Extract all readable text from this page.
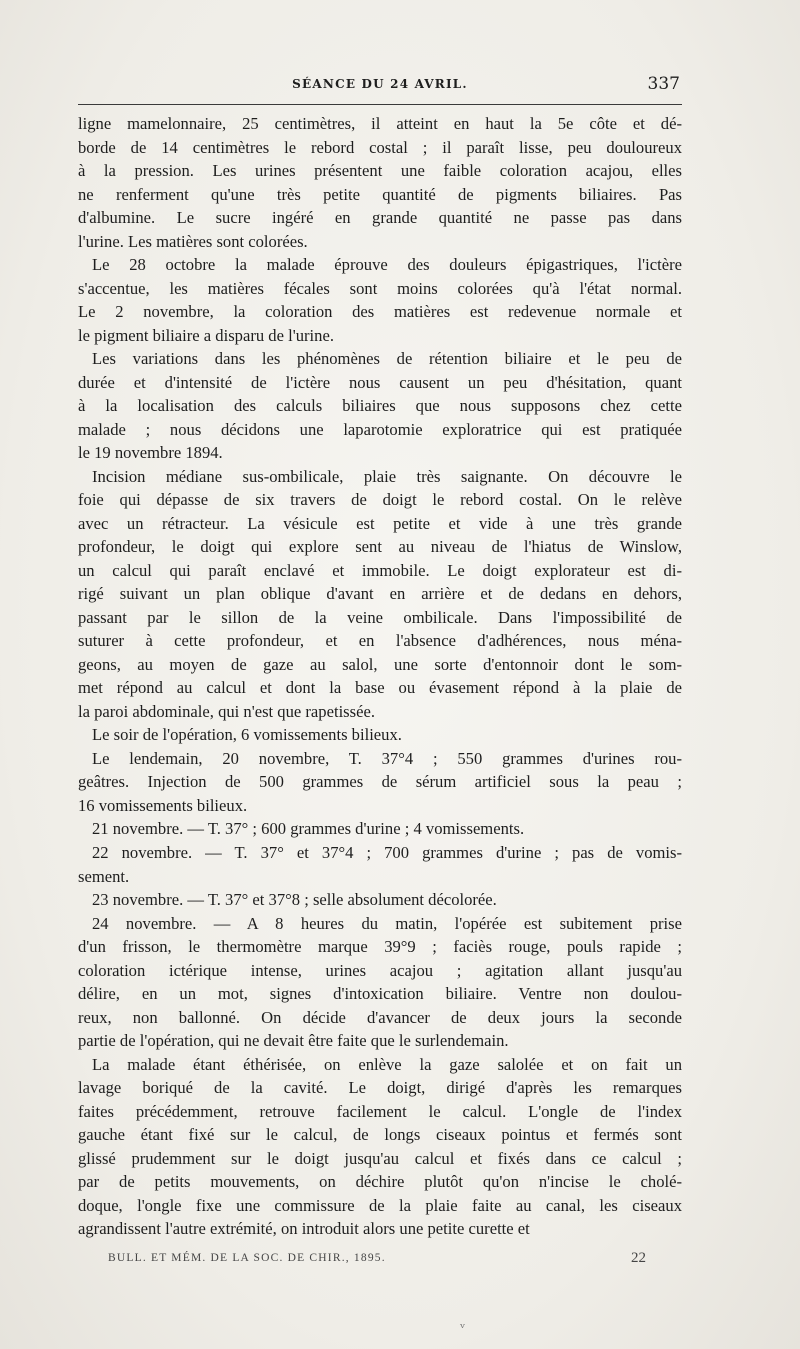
SÉANCE DU 24 AVRIL.	337
ligne mamelonnaire, 25 centimètres, il atteint en haut la 5e côte et dé-
borde de 14 centimètres le rebord costal ; il paraît lisse, peu douloureux
à la pression. Les urines présentent une faible coloration acajou, elles
ne renferment qu'une très petite quantité de pigments biliaires. Pas
d'albumine. Le sucre ingéré en grande quantité ne passe pas dans
l'urine. Les matières sont colorées.
Le 28 octobre la malade éprouve des douleurs épigastriques, l'ictère
s'accentue, les matières fécales sont moins colorées qu'à l'état normal.
Le 2 novembre, la coloration des matières est redevenue normale et
le pigment biliaire a disparu de l'urine.
Les variations dans les phénomènes de rétention biliaire et le peu de
durée et d'intensité de l'ictère nous causent un peu d'hésitation, quant
à la localisation des calculs biliaires que nous supposons chez cette
malade ; nous décidons une laparotomie exploratrice qui est pratiquée
le 19 novembre 1894.
Incision médiane sus-ombilicale, plaie très saignante. On découvre le
foie qui dépasse de six travers de doigt le rebord costal. On le relève
avec un rétracteur. La vésicule est petite et vide à une très grande
profondeur, le doigt qui explore sent au niveau de l'hiatus de Winslow,
un calcul qui paraît enclavé et immobile. Le doigt explorateur est di-
rigé suivant un plan oblique d'avant en arrière et de dedans en dehors,
passant par le sillon de la veine ombilicale. Dans l'impossibilité de
suturer à cette profondeur, et en l'absence d'adhérences, nous ména-
geons, au moyen de gaze au salol, une sorte d'entonnoir dont le som-
met répond au calcul et dont la base ou évasement répond à la plaie de
la paroi abdominale, qui n'est que rapetissée.
Le soir de l'opération, 6 vomissements bilieux.
Le lendemain, 20 novembre, T. 37°4 ; 550 grammes d'urines rou-
geâtres. Injection de 500 grammes de sérum artificiel sous la peau ;
16 vomissements bilieux.
21 novembre. — T. 37° ; 600 grammes d'urine ; 4 vomissements.
22 novembre. — T. 37° et 37°4 ; 700 grammes d'urine ; pas de vomis-
sement.
23 novembre. — T. 37° et 37°8 ; selle absolument décolorée.
24 novembre. — A 8 heures du matin, l'opérée est subitement prise
d'un frisson, le thermomètre marque 39°9 ; faciès rouge, pouls rapide ;
coloration ictérique intense, urines acajou ; agitation allant jusqu'au
délire, en un mot, signes d'intoxication biliaire. Ventre non doulou-
reux, non ballonné. On décide d'avancer de deux jours la seconde
partie de l'opération, qui ne devait être faite que le surlendemain.
La malade étant éthérisée, on enlève la gaze salolée et on fait un
lavage boriqué de la cavité. Le doigt, dirigé d'après les remarques
faites précédemment, retrouve facilement le calcul. L'ongle de l'index
gauche étant fixé sur le calcul, de longs ciseaux pointus et fermés sont
glissé prudemment sur le doigt jusqu'au calcul et fixés dans ce calcul ;
par de petits mouvements, on déchire plutôt qu'on n'incise le cholé-
doque, l'ongle fixe une commissure de la plaie faite au canal, les ciseaux
agrandissent l'autre extrémité, on introduit alors une petite curette et
BULL. ET MÉM. DE LA SOC. DE CHIR., 1895.	22
ᵥ
